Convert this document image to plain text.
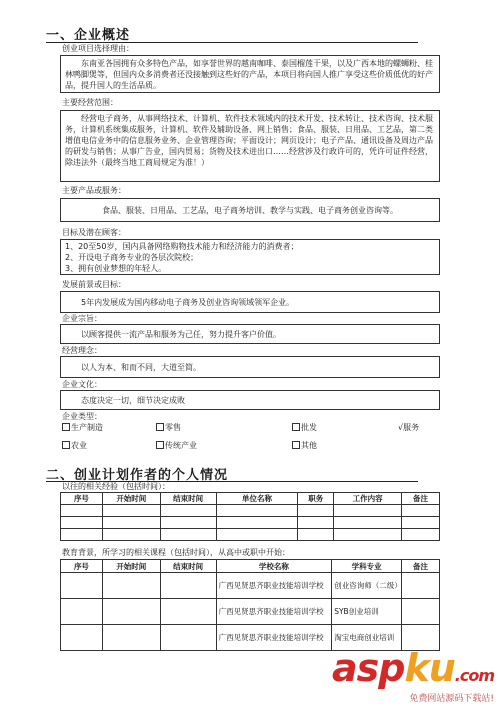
一、企业概述
创业项目选择理由：
东南亚各国拥有众多特色产品，如享誉世界的越南咖啡、泰国榴莲干果，以及广西本地的螺蛳粉、桂林鸭脚煲等，但国内众多消费者还没接触到这些好的产品，本项目将向国人推广享受这些价质低优的好产品，提升国人的生活品质。
主要经营范围：
经营电子商务，从事网络技术、计算机、软件技术领域内的技术开发、技术转让、技术咨询、技术服务，计算机系统集成服务，计算机、软件及辅助设备、网上销售；食品、服装、日用品、工艺品，第二类增值电信业务中的信息服务业务、企业管理咨询；平面设计；网页设计；电子产品、通讯设备及周边产品的研发与销售；从事广告业，国内贸易；货物及技术进出口……经营涉及行政许可的，凭许可证件经营，除违法外（最终当地工商局规定为准！）
主要产品或服务：
食品、服装、日用品、工艺品，电子商务培训、教学与实践、电子商务创业咨询等。
目标及潜在顾客：
1、20至50岁，国内具备网络购物技术能力和经济能力的消费者；
2、开设电子商务专业的各层次院校；
3、拥有创业梦想的年轻人。
发展前景或目标：
5年内发展成为国内移动电子商务及创业咨询领域领军企业。
企业宗旨：
以顾客提供一流产品和服务为己任，努力提升客户价值。
经营理念：
以人为本、和而不同，大道至简。
企业文化：
态度决定一切，细节决定成败
企业类型：
生产制造	零售	批发	√服务
农业	传统产业	其他
二、创业计划作者的个人情况
以往的相关经验（包括时间）：
序号	开始时间	结束时间	单位名称	职务	工作内容	备注

教育背景，所学习的相关课程（包括时间），从高中或职中开始：
序号	开始时间	结束时间	学校名称	学科专业	备注
			广西见贤思齐职业技能培训学校	创业咨询师（二级）	
			广西见贤思齐职业技能培训学校	SYB创业培训	
			广西见贤思齐职业技能培训学校	淘宝电商创业培训	
aspku.com
免费网站源码下载站!
